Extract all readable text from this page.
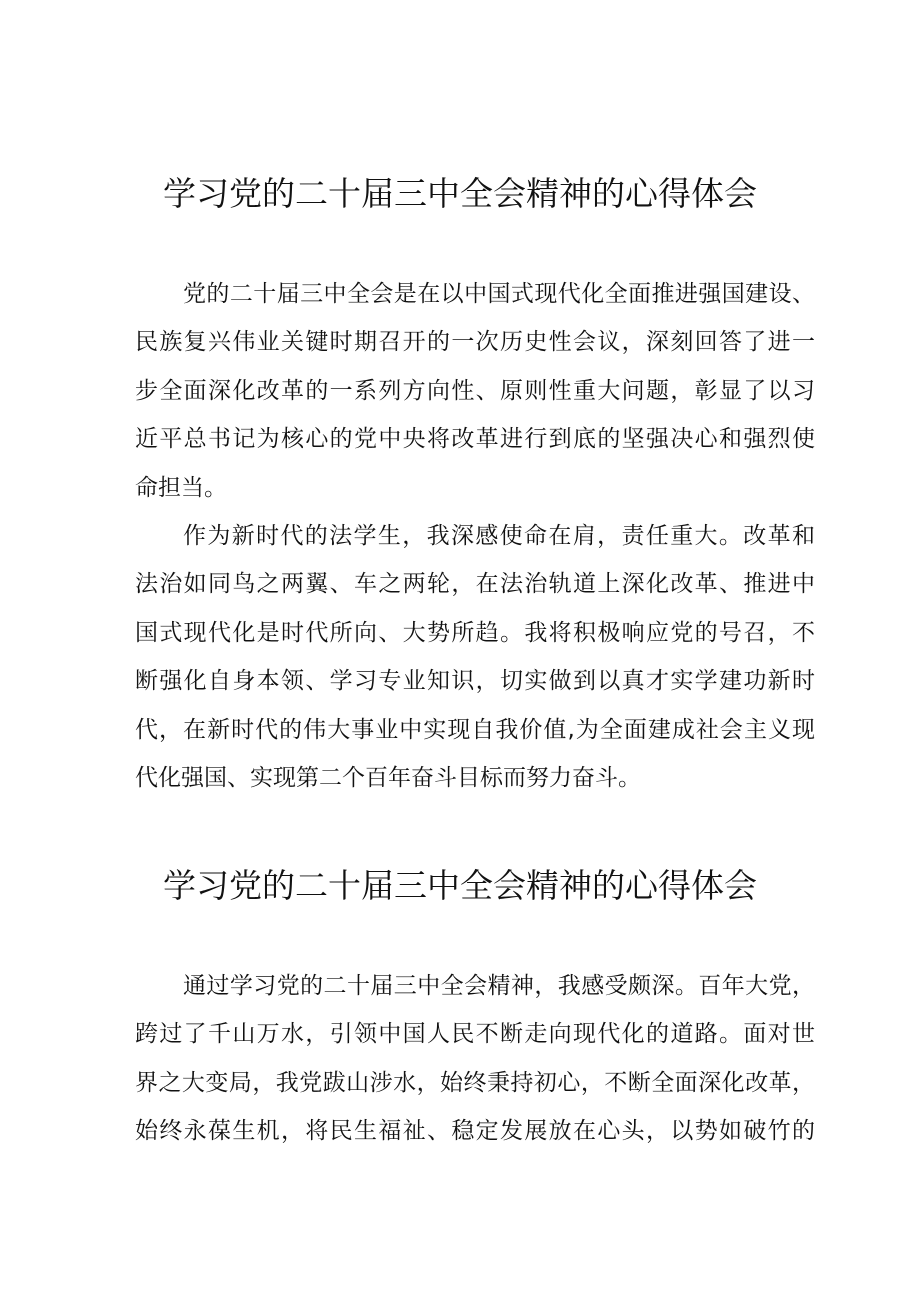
学习党的二十届三中全会精神的心得体会
党的二十届三中全会是在以中国式现代化全面推进强国建设、
民族复兴伟业关键时期召开的一次历史性会议，深刻回答了进一
步全面深化改革的一系列方向性、原则性重大问题，彰显了以习
近平总书记为核心的党中央将改革进行到底的坚强决心和强烈使
命担当。
作为新时代的法学生，我深感使命在肩，责任重大。改革和
法治如同鸟之两翼、车之两轮，在法治轨道上深化改革、推进中
国式现代化是时代所向、大势所趋。我将积极响应党的号召，不
断强化自身本领、学习专业知识，切实做到以真才实学建功新时
代，在新时代的伟大事业中实现自我价值,为全面建成社会主义现
代化强国、实现第二个百年奋斗目标而努力奋斗。
学习党的二十届三中全会精神的心得体会
通过学习党的二十届三中全会精神，我感受颇深。百年大党，
跨过了千山万水，引领中国人民不断走向现代化的道路。面对世
界之大变局，我党跋山涉水，始终秉持初心，不断全面深化改革，
始终永葆生机，将民生福祉、稳定发展放在心头，以势如破竹的
